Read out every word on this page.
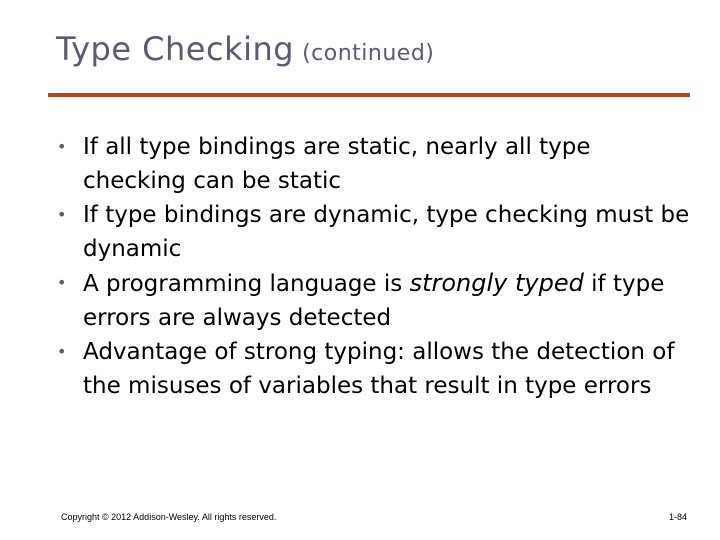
Type Checking (continued)
• If all type bindings are static, nearly all type checking can be static
• If type bindings are dynamic, type checking must be dynamic
• A programming language is strongly typed if type errors are always detected
• Advantage of strong typing: allows the detection of the misuses of variables that result in type errors
Copyright © 2012 Addison-Wesley. All rights reserved.	1-84
